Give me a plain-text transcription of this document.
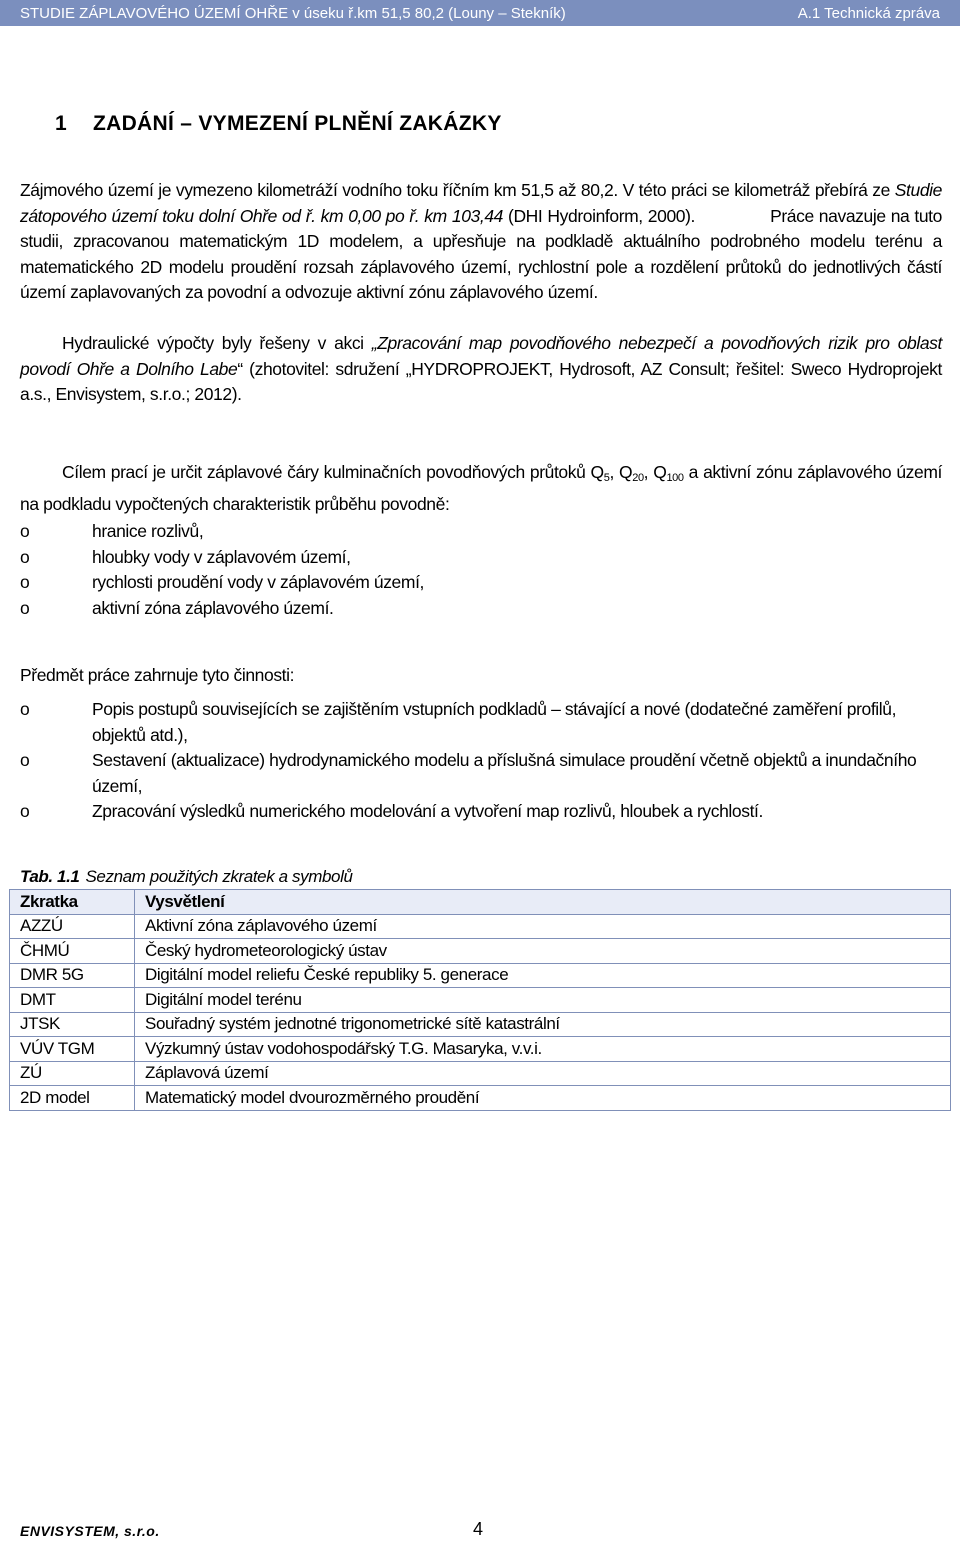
STUDIE ZÁPLAVOVÉHO ÚZEMÍ OHŘE v úseku ř.km 51,5 80,2 (Louny – Stekník)	A.1 Technická zpráva
1 ZADÁNÍ – VYMEZENÍ PLNĚNÍ ZAKÁZKY

Zájmového území je vymezeno kilometráží vodního toku říčním km 51,5 až 80,2. V této práci se kilometráž přebírá ze Studie zátopového území toku dolní Ohře od ř. km 0,00 po ř. km 103,44 (DHI Hydroinform, 2000).	Práce navazuje na tuto studii, zpracovanou matematickým 1D modelem, a upřesňuje na podkladě aktuálního podrobného modelu terénu a matematického 2D modelu proudění rozsah záplavového území, rychlostní pole a rozdělení průtoků do jednotlivých částí území zaplavovaných za povodní a odvozuje aktivní zónu záplavového území.

Hydraulické výpočty byly řešeny v akci „Zpracování map povodňového nebezpečí a povodňových rizik pro oblast povodí Ohře a Dolního Labe“ (zhotovitel: sdružení „HYDROPROJEKT, Hydrosoft, AZ Consult; řešitel: Sweco Hydroprojekt a.s., Envisystem, s.r.o.; 2012).

Cílem prací je určit záplavové čáry kulminačních povodňových průtoků $Q_5$, $Q_{20}$, $Q_{100}$ a aktivní zónu záplavového území na podkladu vypočtených charakteristik průběhu povodně:

o	hranice rozlivů,
o	hloubky vody v záplavovém území,
o	rychlosti proudění vody v záplavovém území,
o	aktivní zóna záplavového území.
Předmět práce zahrnuje tyto činnosti:
o	Popis postupů souvisejících se zajištěním vstupních podkladů – stávající a nové (dodatečné zaměření profilů, objektů atd.),
o	Sestavení (aktualizace) hydrodynamického modelu a příslušná simulace proudění včetně objektů a inundačního území,
o	Zpracování výsledků numerického modelování a vytvoření map rozlivů, hloubek a rychlostí.
Tab. 1.1 Seznam použitých zkratek a symbolů
Zkratka	Vysvětlení
AZZÚ	Aktivní zóna záplavového území
ČHMÚ	Český hydrometeorologický ústav
DMR 5G	Digitální model reliefu České republiky 5. generace
DMT	Digitální model terénu
JTSK	Souřadný systém jednotné trigonometrické sítě katastrální
VÚV TGM	Výzkumný ústav vodohospodářský T.G. Masaryka, v.v.i.
ZÚ	Záplavová území
2D model	Matematický model dvourozměrného proudění
ENVISYSTEM, s.r.o.	4
